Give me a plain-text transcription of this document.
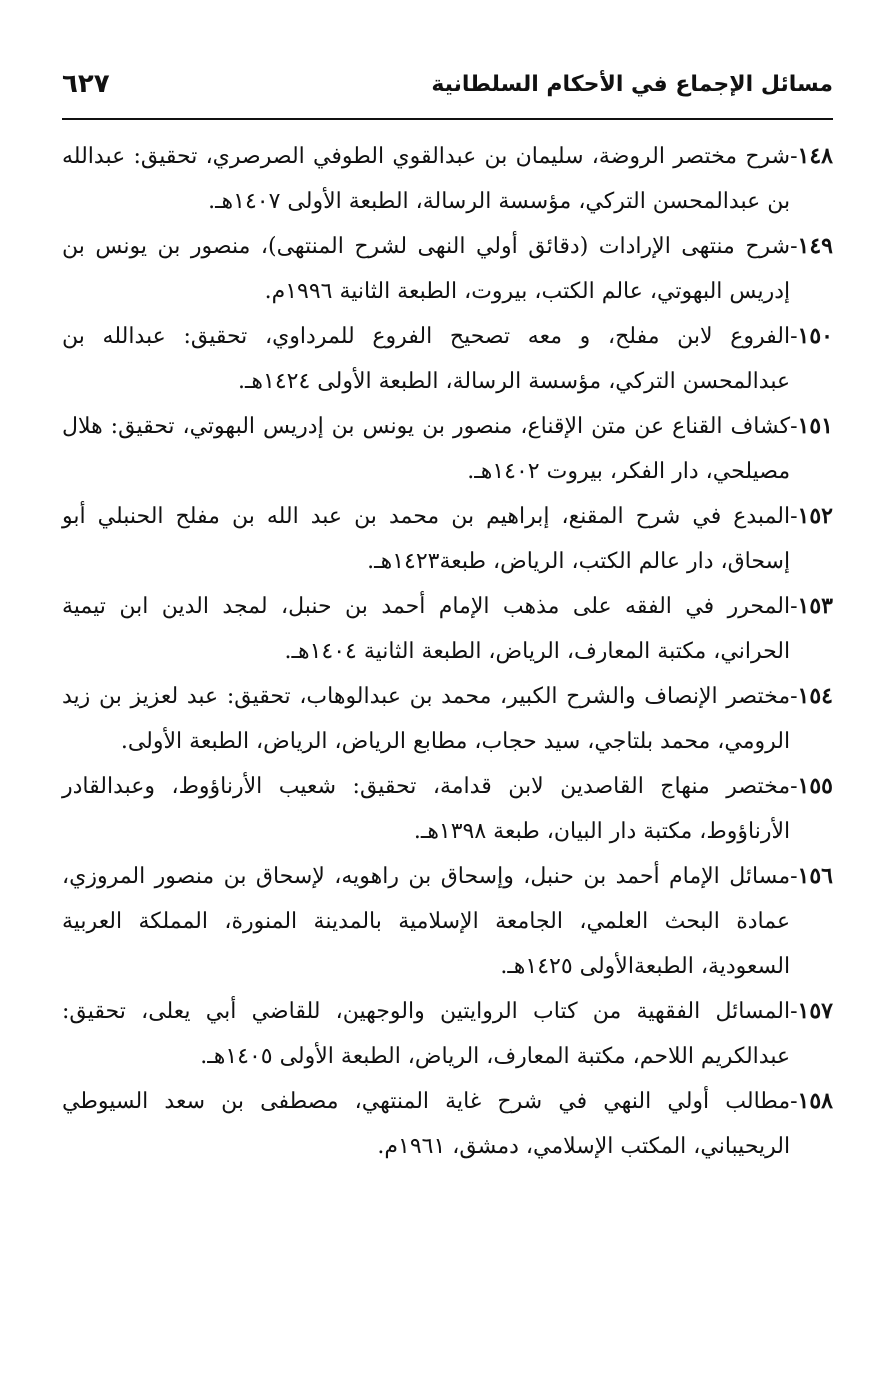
مسائل الإجماع في الأحكام السلطانية
٦٢٧
١٤٨
-
شرح مختصر الروضة، سليمان بن عبدالقوي الطوفي الصرصري، تحقيق: عبدالله بن عبدالمحسن التركي، مؤسسة الرسالة، الطبعة الأولى ١٤٠٧هـ.
١٤٩
-
شرح منتهى الإرادات (دقائق أولي النهى لشرح المنتهى)، منصور بن يونس بن إدريس البهوتي، عالم الكتب، بيروت، الطبعة الثانية ١٩٩٦م.
١٥٠
-
الفروع لابن مفلح، و معه تصحيح الفروع للمرداوي، تحقيق: عبدالله بن عبدالمحسن التركي، مؤسسة الرسالة، الطبعة الأولى ١٤٢٤هـ.
١٥١
-
كشاف القناع عن متن الإقناع، منصور بن يونس بن إدريس البهوتي، تحقيق: هلال مصيلحي، دار الفكر، بيروت ١٤٠٢هـ.
١٥٢
-
المبدع في شرح المقنع، إبراهيم بن محمد بن عبد الله بن مفلح الحنبلي أبو إسحاق، دار عالم الكتب، الرياض، طبعة١٤٢٣هـ.
١٥٣
-
المحرر في الفقه على مذهب الإمام أحمد بن حنبل، لمجد الدين ابن تيمية الحراني، مكتبة المعارف، الرياض، الطبعة الثانية ١٤٠٤هـ.
١٥٤
-
مختصر الإنصاف والشرح الكبير، محمد بن عبدالوهاب، تحقيق: عبد لعزيز بن زيد الرومي، محمد بلتاجي، سيد حجاب، مطابع الرياض، الرياض، الطبعة الأولى.
١٥٥
-
مختصر منهاج القاصدين لابن قدامة، تحقيق: شعيب الأرناؤوط، وعبدالقادر الأرناؤوط، مكتبة دار البيان، طبعة ١٣٩٨هـ.
١٥٦
-
مسائل الإمام أحمد بن حنبل، وإسحاق بن راهويه، لإسحاق بن منصور المروزي، عمادة البحث العلمي، الجامعة الإسلامية بالمدينة المنورة، المملكة العربية السعودية، الطبعةالأولى ١٤٢٥هـ.
١٥٧
-
المسائل الفقهية من كتاب الروايتين والوجهين، للقاضي أبي يعلى، تحقيق: عبدالكريم اللاحم، مكتبة المعارف، الرياض، الطبعة الأولى ١٤٠٥هـ.
١٥٨
-
مطالب أولي النهي في شرح غاية المنتهي، مصطفى بن سعد السيوطي الريحيباني، المكتب الإسلامي، دمشق، ١٩٦١م.
